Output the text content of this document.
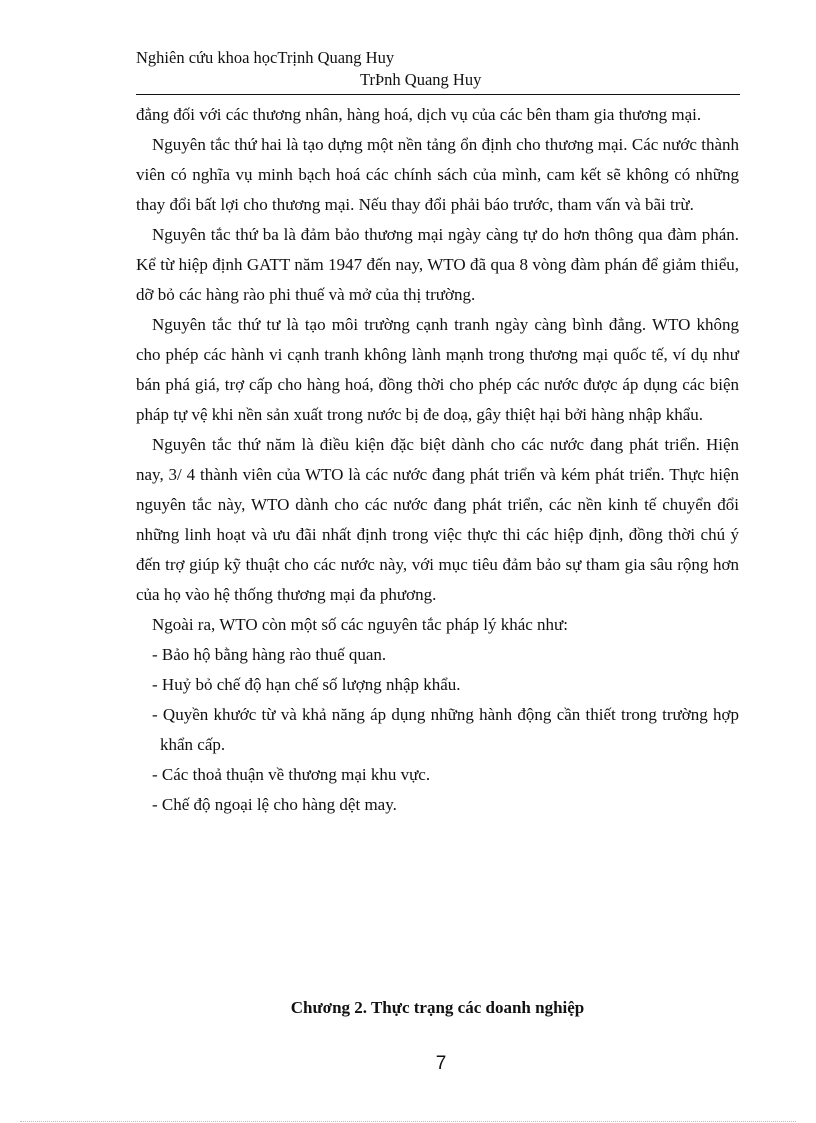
Nghiên cứu khoa họcTrịnh Quang Huy
TrÞnh Quang Huy

đẳng đối với các thương nhân, hàng hoá, dịch vụ của các bên tham gia thương mại.

Nguyên tắc thứ hai là tạo dựng một nền tảng ổn định cho thương mại. Các nước thành viên có nghĩa vụ minh bạch hoá các chính sách của mình, cam kết sẽ không có những thay đổi bất lợi cho thương mại. Nếu thay đổi phải báo trước, tham vấn và bãi trừ.

Nguyên tắc thứ ba là đảm bảo thương mại ngày càng tự do hơn thông qua đàm phán. Kể từ hiệp định GATT năm 1947 đến nay, WTO đã qua 8 vòng đàm phán để giảm thiểu, dỡ bỏ các hàng rào phi thuế và mở của thị trường.

Nguyên tắc thứ tư là tạo môi trường cạnh tranh ngày càng bình đẳng. WTO không cho phép các hành vi cạnh tranh không lành mạnh trong thương mại quốc tế, ví dụ như bán phá giá, trợ cấp cho hàng hoá, đồng thời cho phép các nước được áp dụng các biện pháp tự vệ khi nền sản xuất trong nước bị đe doạ, gây thiệt hại bởi hàng nhập khẩu.

Nguyên tắc thứ năm là điều kiện đặc biệt dành cho các nước đang phát triển. Hiện nay, 3/ 4 thành viên của WTO là các nước đang phát triển và kém phát triển. Thực hiện nguyên tắc này, WTO dành cho các nước đang phát triển, các nền kinh tế chuyển đổi những linh hoạt và ưu đãi nhất định trong việc thực thi các hiệp định, đồng thời chú ý đến trợ giúp kỹ thuật cho các nước này, với mục tiêu đảm bảo sự tham gia sâu rộng hơn của họ vào hệ thống thương mại đa phương.

Ngoài ra, WTO còn một số các nguyên tắc pháp lý khác như:

- Bảo hộ bằng hàng rào thuế quan.
- Huỷ bỏ chế độ hạn chế số lượng nhập khẩu.
- Quyền khước từ và khả năng áp dụng những hành động cần thiết trong trường hợp khẩn cấp.
- Các thoả thuận về thương mại khu vực.
- Chế độ ngoại lệ cho hàng dệt may.
Chương 2. Thực trạng các doanh nghiệp
7
